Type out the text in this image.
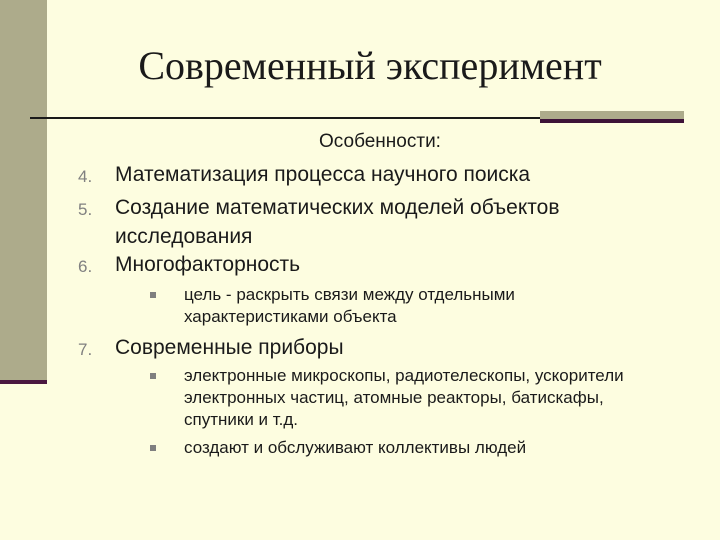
Современный эксперимент
Особенности:
4. Математизация процесса научного поиска
5. Создание математических моделей объектов исследования
6. Многофакторность
цель - раскрыть связи между отдельными характеристиками объекта
7. Современные приборы
электронные микроскопы, радиотелескопы, ускорители электронных частиц, атомные реакторы, батискафы, спутники и т.д.
создают и обслуживают коллективы людей
